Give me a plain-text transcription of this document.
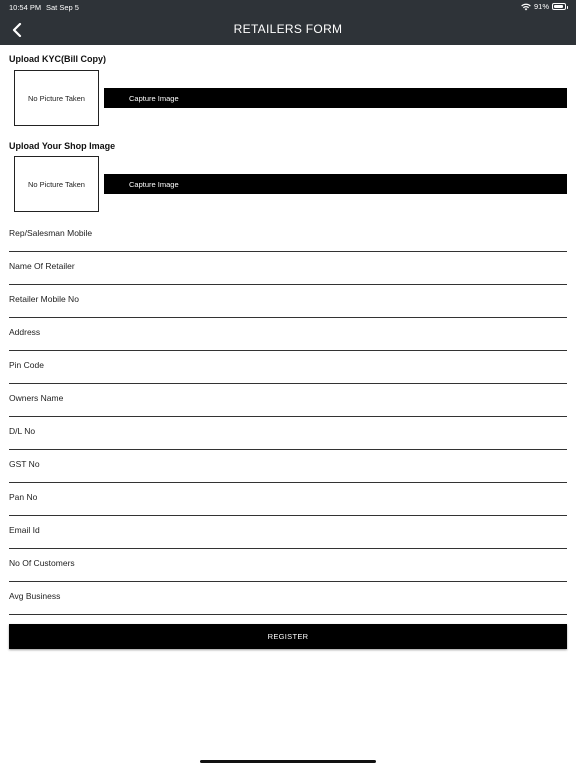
10:54 PM Sat Sep 5	91%
RETAILERS FORM
Upload KYC(Bill Copy)
No Picture Taken	Capture Image
Upload Your Shop Image
No Picture Taken	Capture Image
Rep/Salesman Mobile
Name Of Retailer
Retailer Mobile No
Address
Pin Code
Owners Name
D/L No
GST No
Pan No
Email Id
No Of Customers
Avg Business
REGISTER
